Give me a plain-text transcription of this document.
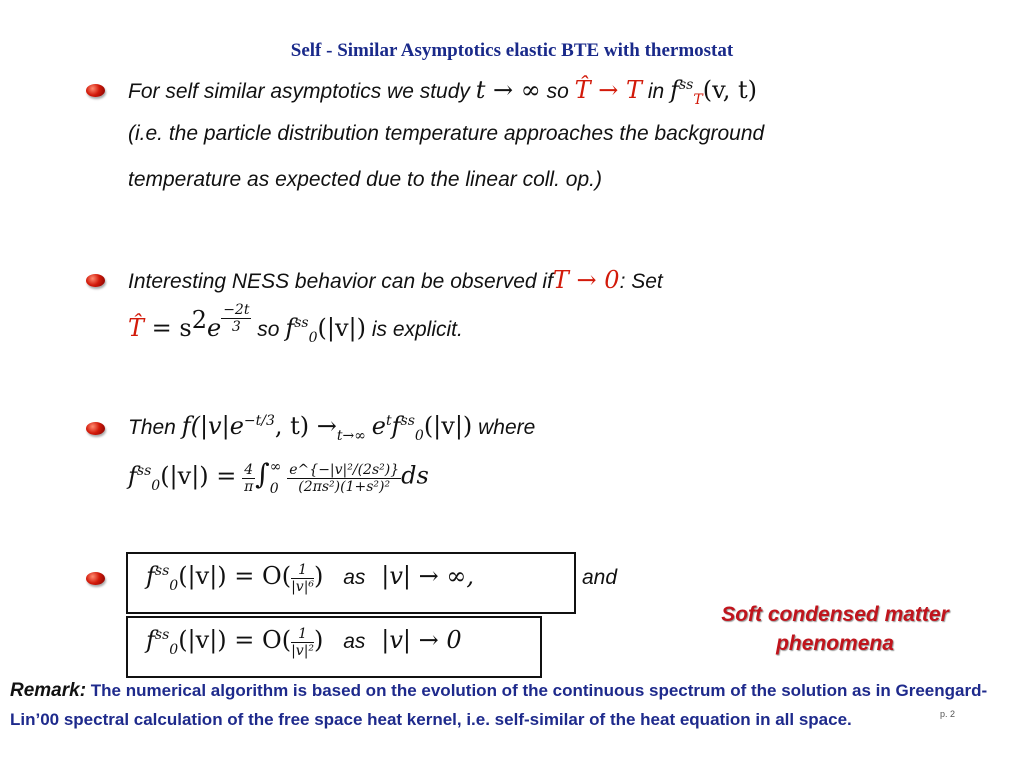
Self - Similar Asymptotics elastic BTE with thermostat
For self similar asymptotics we study t → ∞ so T̂ → T in $f^{ss}_T(v$, t)
(i.e. the particle distribution temperature approaches the background
temperature as expected due to the linear coll. op.)
Interesting NESS behavior can be observed ifT → 0: Set
T̂ = $s^2e \frac{-2t}{3}$ so $f^{ss}_0(|v|)$ is explicit.
Then $f(|v|e^{-t/3}$, $t) \to_{t\to\infty}$ $e^tf^{ss}_0(|v|)$ where
$f^{ss}_0(|v|) = \frac{4}{\pi}$ ∫ ∞
0
$\frac{\text{e\textasciicircum{}\{−|v|²/(2s²)\}}}{\text{(2πs²)(1+s²)²}}$ ds
$f^{ss}_0(|v|) = O( \frac{1}{\text{|v|⁶}}$ ) as |v| → ∞,	and
$f^{ss}_0(|v|) = O( \frac{1}{\text{|v|²}}$ ) as |v| → 0
Soft condensed matter
phenomena
Remark: The numerical algorithm is based on the evolution of the continuous spectrum of the solution as in Greengard-Lin’00 spectral calculation of the free space heat kernel, i.e. self-similar of the heat equation in all space.	p. 2
